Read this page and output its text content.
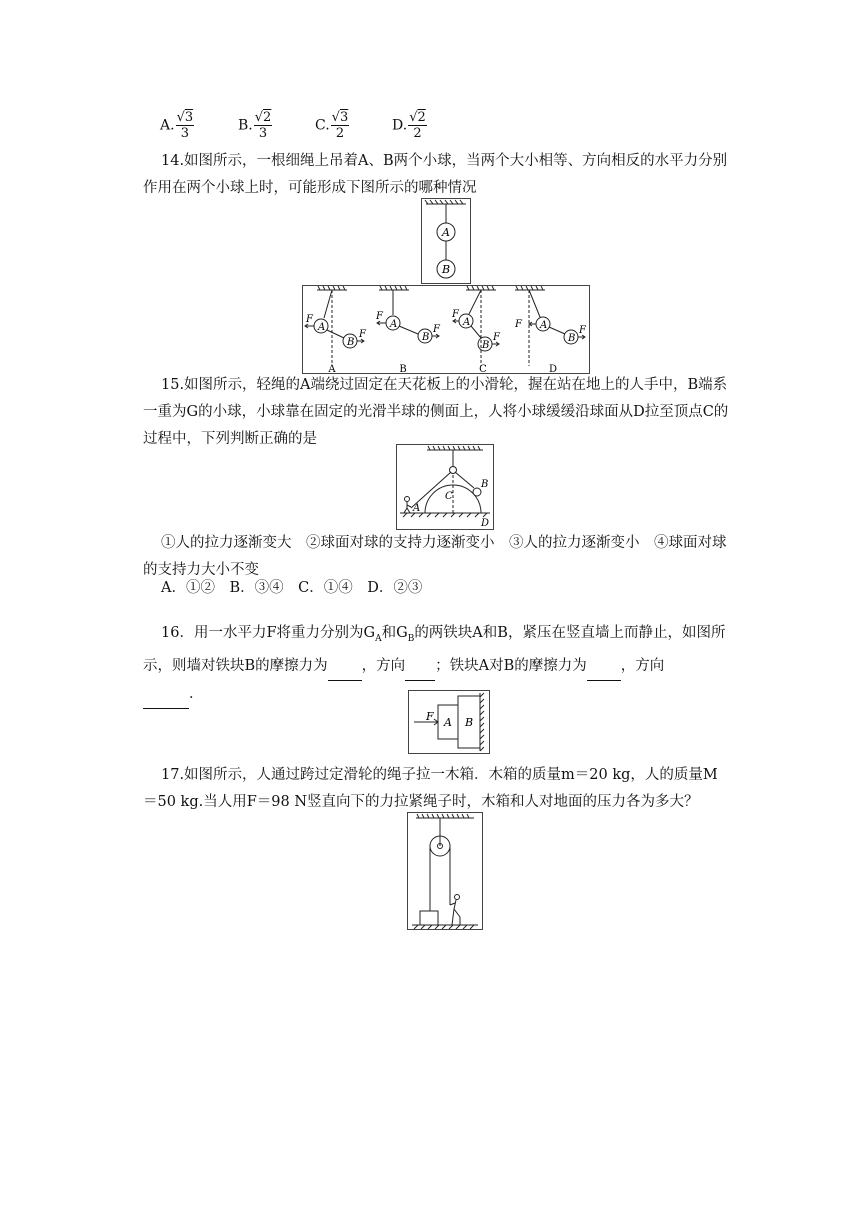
A. $\frac{√3}{3}$	B. $\frac{√2}{3}$	C. $\frac{√3}{2}$	D. $\frac{√2}{2}$
14.如图所示，一根细绳上吊着A、B两个小球，当两个大小相等、方向相反的水平力分别作用在两个小球上时，可能形成下图所示的哪种情况
A
B
F
A
B
F
F
A
B
F
F
A
B
F
F A
B
F
A	B	C	D
15.如图所示，轻绳的A端绕过固定在天花板上的小滑轮，握在站在地上的人手中，B端系一重为G的小球，小球靠在固定的光滑半球的侧面上，人将小球缓缓沿球面从D拉至顶点C的过程中，下列判断正确的是
A
B
C
D
①人的拉力逐渐变大　②球面对球的支持力逐渐变小　③人的拉力逐渐变小　④球面对球的支持力大小不变
A．①②　B．③④　C．①④　D．②③
16．用一水平力F将重力分别为$G_A$和$G_B$的两铁块A和B，紧压在竖直墙上而静止，如图所示，则墙对铁块B的摩擦力为 ，方向 ；铁块A对B的摩擦力为 ，方向
．
F A B
17.如图所示，人通过跨过定滑轮的绳子拉一木箱．木箱的质量m＝20 kg，人的质量M＝50 kg.当人用F＝98 N竖直向下的力拉紧绳子时，木箱和人对地面的压力各为多大？
